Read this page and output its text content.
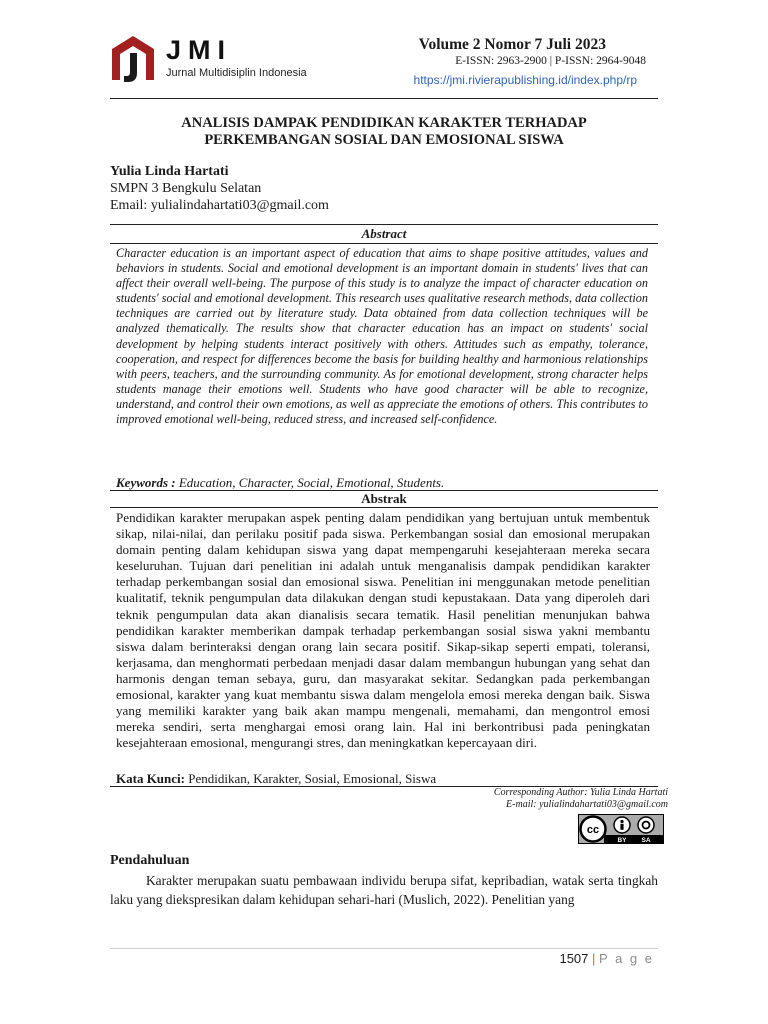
JMI
Jurnal Multidisiplin Indonesia
Volume 2 Nomor 7 Juli 2023
E-ISSN: 2963-2900 | P-ISSN: 2964-9048
https://jmi.rivierapublishing.id/index.php/rp
ANALISIS DAMPAK PENDIDIKAN KARAKTER TERHADAP
PERKEMBANGAN SOSIAL DAN EMOSIONAL SISWA
Yulia Linda Hartati
SMPN 3 Bengkulu Selatan
Email: yulialindahartati03@gmail.com
Abstract
Character education is an important aspect of education that aims to shape positive attitudes, values and behaviors in students. Social and emotional development is an important domain in students' lives that can affect their overall well-being. The purpose of this study is to analyze the impact of character education on students' social and emotional development. This research uses qualitative research methods, data collection techniques are carried out by literature study. Data obtained from data collection techniques will be analyzed thematically. The results show that character education has an impact on students' social development by helping students interact positively with others. Attitudes such as empathy, tolerance, cooperation, and respect for differences become the basis for building healthy and harmonious relationships with peers, teachers, and the surrounding community. As for emotional development, strong character helps students manage their emotions well. Students who have good character will be able to recognize, understand, and control their own emotions, as well as appreciate the emotions of others. This contributes to improved emotional well-being, reduced stress, and increased self-confidence.
Keywords : Education, Character, Social, Emotional, Students.
Abstrak
Pendidikan karakter merupakan aspek penting dalam pendidikan yang bertujuan untuk membentuk sikap, nilai-nilai, dan perilaku positif pada siswa. Perkembangan sosial dan emosional merupakan domain penting dalam kehidupan siswa yang dapat mempengaruhi kesejahteraan mereka secara keseluruhan. Tujuan dari penelitian ini adalah untuk menganalisis dampak pendidikan karakter terhadap perkembangan sosial dan emosional siswa. Penelitian ini menggunakan metode penelitian kualitatif, teknik pengumpulan data dilakukan dengan studi kepustakaan. Data yang diperoleh dari teknik pengumpulan data akan dianalisis secara tematik. Hasil penelitian menunjukan bahwa pendidikan karakter memberikan dampak terhadap perkembangan sosial siswa yakni membantu siswa dalam berinteraksi dengan orang lain secara positif. Sikap-sikap seperti empati, toleransi, kerjasama, dan menghormati perbedaan menjadi dasar dalam membangun hubungan yang sehat dan harmonis dengan teman sebaya, guru, dan masyarakat sekitar. Sedangkan pada perkembangan emosional, karakter yang kuat membantu siswa dalam mengelola emosi mereka dengan baik. Siswa yang memiliki karakter yang baik akan mampu mengenali, memahami, dan mengontrol emosi mereka sendiri, serta menghargai emosi orang lain. Hal ini berkontribusi pada peningkatan kesejahteraan emosional, mengurangi stres, dan meningkatkan kepercayaan diri.
Kata Kunci: Pendidikan, Karakter, Sosial, Emosional, Siswa
Corresponding Author: Yulia Linda Hartati
E-mail: yulialindahartati03@gmail.com
cc
BY SA
Pendahuluan
Karakter merupakan suatu pembawaan individu berupa sifat, kepribadian, watak serta tingkah laku yang diekspresikan dalam kehidupan sehari-hari (Muslich, 2022). Penelitian yang
1507 | P a g e
